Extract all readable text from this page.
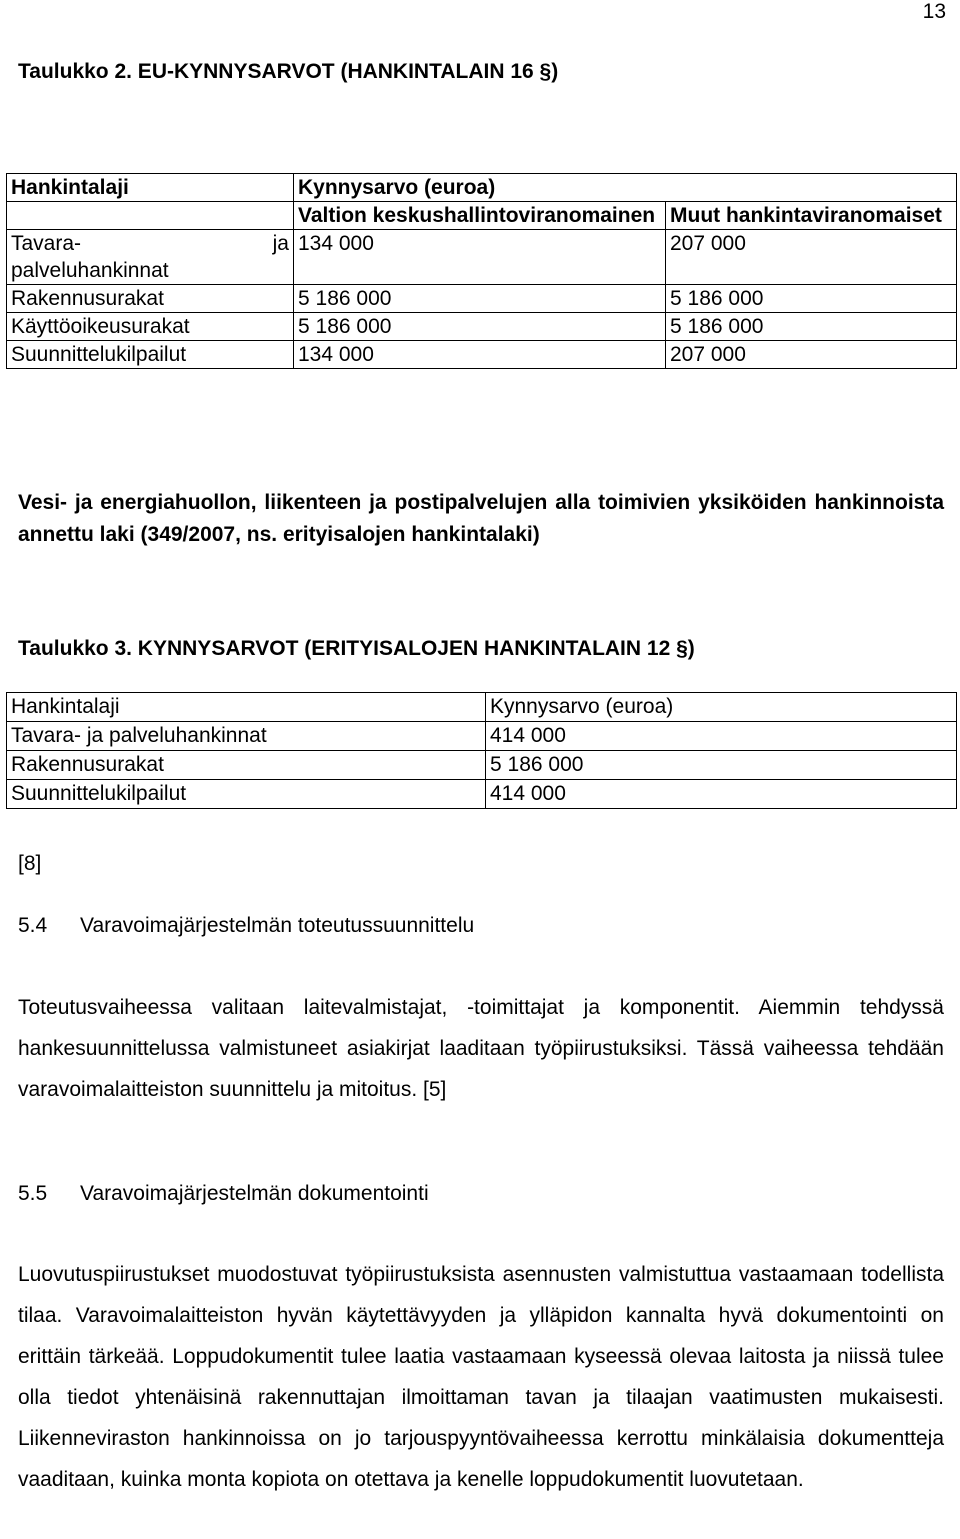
13
Taulukko 2. EU-KYNNYSARVOT (HANKINTALAIN 16 §)
Hankintalaji	Kynnysarvo (euroa)	
	Valtion keskushallintoviranomainen	Muut hankintaviranomaiset

Tavara- ja
palveluhankinnat	134 000	207 000
Rakennusurakat	5 186 000	5 186 000
Käyttöoikeusurakat	5 186 000	5 186 000
Suunnittelukilpailut	134 000	207 000
Vesi- ja energiahuollon, liikenteen ja postipalvelujen alla toimivien yksiköiden hankinnoista annettu laki (349/2007, ns. erityisalojen hankintalaki)
Taulukko 3. KYNNYSARVOT (ERITYISALOJEN HANKINTALAIN 12 §)
Hankintalaji	Kynnysarvo (euroa)
Tavara- ja palveluhankinnat	414 000
Rakennusurakat	5 186 000
Suunnittelukilpailut	414 000
[8]
5.4 Varavoimajärjestelmän toteutussuunnittelu
Toteutusvaiheessa valitaan laitevalmistajat, -toimittajat ja komponentit. Aiemmin tehdyssä hankesuunnittelussa valmistuneet asiakirjat laaditaan työpiirustuksiksi. Tässä vaiheessa tehdään varavoimalaitteiston suunnittelu ja mitoitus. [5]
5.5 Varavoimajärjestelmän dokumentointi
Luovutuspiirustukset muodostuvat työpiirustuksista asennusten valmistuttua vastaamaan todellista tilaa. Varavoimalaitteiston hyvän käytettävyyden ja ylläpidon kannalta hyvä dokumentointi on erittäin tärkeää. Loppudokumentit tulee laatia vastaamaan kyseessä olevaa laitosta ja niissä tulee olla tiedot yhtenäisinä rakennuttajan ilmoittaman tavan ja tilaajan vaatimusten mukaisesti. Liikenneviraston hankinnoissa on jo tarjouspyyntövaiheessa kerrottu minkälaisia dokumentteja vaaditaan, kuinka monta kopiota on otettava ja kenelle loppudokumentit luovutetaan.
